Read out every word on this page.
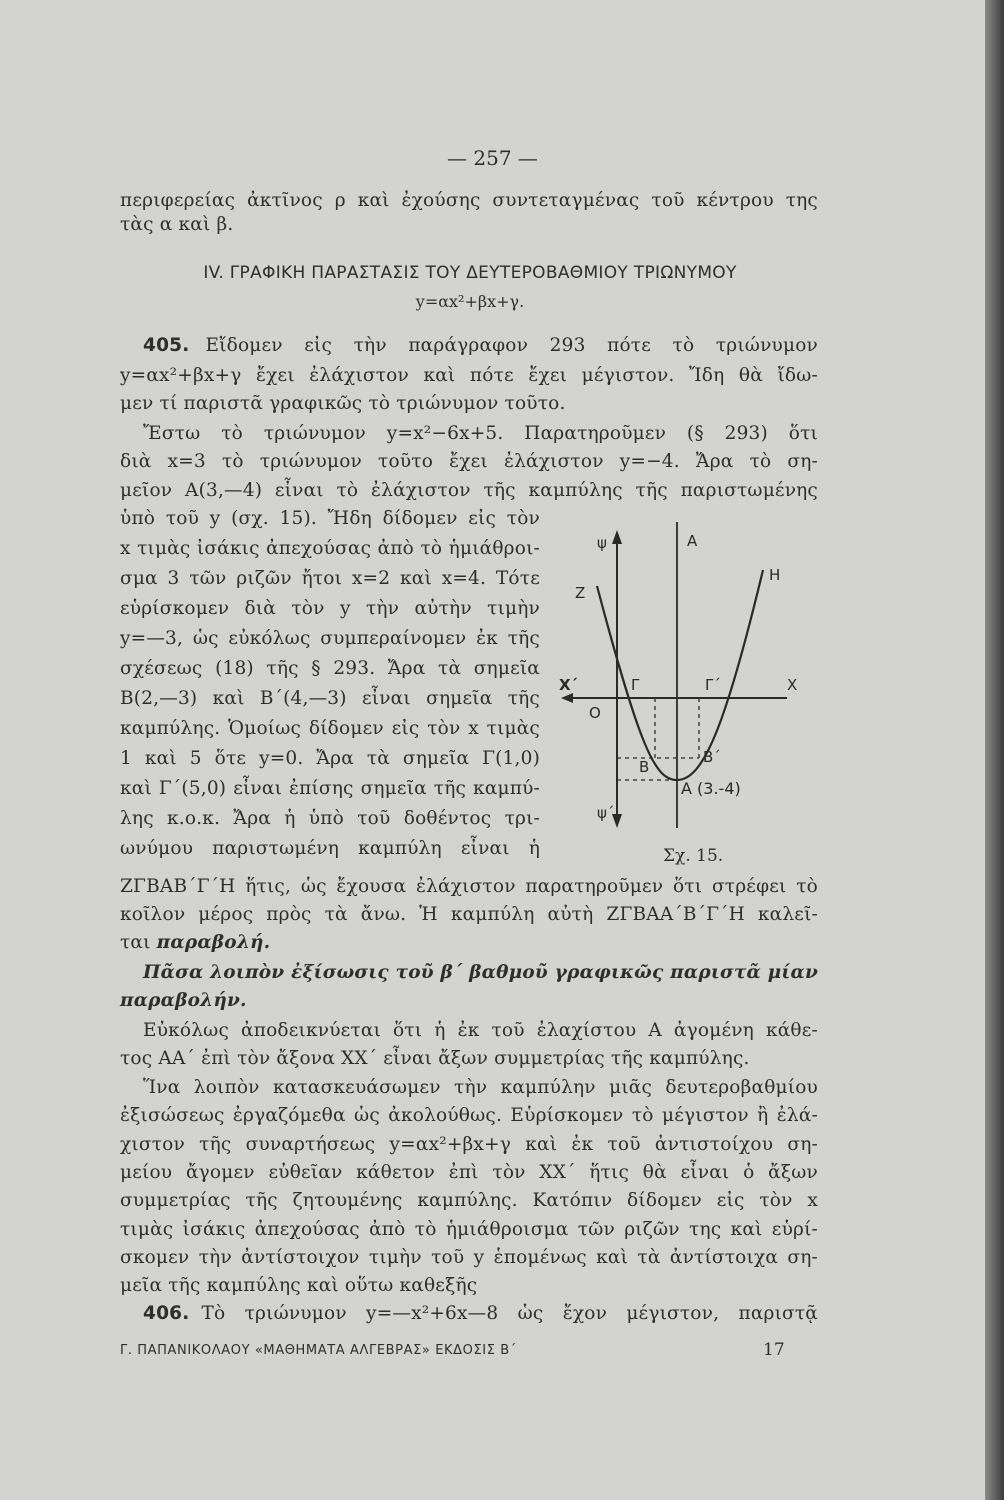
— 257 —
περιφερείας ἀκτῖνος ρ καὶ ἐχούσης συντεταγμένας τοῦ κέντρου της
τὰς α καὶ β.
IV. ΓΡΑΦΙΚΗ ΠΑΡΑΣΤΑΣΙΣ ΤΟΥ ΔΕΥΤΕΡΟΒΑΘΜΙΟΥ ΤΡΙΩΝΥΜΟΥ
y=αx²+βx+γ.
405. Εἴδομεν εἰς τὴν παράγραφον 293 πότε τὸ τριώνυμον
y=αx²+βx+γ ἔχει ἐλάχιστον καὶ πότε ἔχει μέγιστον. Ἴδη θὰ ἴδω-
μεν τί παριστᾶ γραφικῶς τὸ τριώνυμον τοῦτο.
Ἔστω τὸ τριώνυμον y=x²−6x+5. Παρατηροῦμεν (§ 293) ὅτι
διὰ x=3 τὸ τριώνυμον τοῦτο ἔχει ἐλάχιστον y=−4. Ἄρα τὸ ση-
μεῖον Α(3,—4) εἶναι τὸ ἐλάχιστον τῆς καμπύλης τῆς παριστωμένης
ὑπὸ τοῦ y (σχ. 15). Ἤδη δίδομεν εἰς τὸν
x τιμὰς ἰσάκις ἀπεχούσας ἀπὸ τὸ ἡμιάθροι-
σμα 3 τῶν ριζῶν ἤτοι x=2 καὶ x=4. Τότε
εὑρίσκομεν διὰ τὸν y τὴν αὐτὴν τιμὴν
y=—3, ὡς εὐκόλως συμπεραίνομεν ἐκ τῆς
σχέσεως (18) τῆς § 293. Ἄρα τὰ σημεῖα
Β(2,—3) καὶ Β΄(4,—3) εἶναι σημεῖα τῆς
καμπύλης. Ὁμοίως δίδομεν εἰς τὸν x τιμὰς
1 καὶ 5 ὅτε y=0. Ἄρα τὰ σημεῖα Γ(1,0)
καὶ Γ΄(5,0) εἶναι ἐπίσης σημεῖα τῆς καμπύ-
λης κ.ο.κ. Ἄρα ἡ ὑπὸ τοῦ δοθέντος τρι-
ωνύμου παριστωμένη καμπύλη εἶναι ἡ
ψ
ψ΄
Α
Η
Ζ
Χ΄	Χ
Ο
Γ	Γ΄
Β
Β΄
Α (3.-4)
Σχ. 15.
ΖΓΒΑΒ΄Γ΄Η ἥτις, ὡς ἔχουσα ἐλάχιστον παρατηροῦμεν ὅτι στρέφει τὸ
κοῖλον μέρος πρὸς τὰ ἄνω. Ἡ καμπύλη αὐτὴ ΖΓΒΑΑ΄Β΄Γ΄Η καλεῖ-
ται παραβολή.
Πᾶσα λοιπὸν ἐξίσωσις τοῦ β΄ βαθμοῦ γραφικῶς παριστᾶ μίαν
παραβολήν.
Εὐκόλως ἀποδεικνύεται ὅτι ἡ ἐκ τοῦ ἐλαχίστου Α ἀγομένη κάθε-
τος ΑΑ΄ ἐπὶ τὸν ἄξονα ΧΧ΄ εἶναι ἄξων συμμετρίας τῆς καμπύλης.
Ἵνα λοιπὸν κατασκευάσωμεν τὴν καμπύλην μιᾶς δευτεροβαθμίου
ἐξισώσεως ἐργαζόμεθα ὡς ἀκολούθως. Εὑρίσκομεν τὸ μέγιστον ἢ ἐλά-
χιστον τῆς συναρτήσεως y=αx²+βx+γ καὶ ἐκ τοῦ ἀντιστοίχου ση-
μείου ἄγομεν εὐθεῖαν κάθετον ἐπὶ τὸν ΧΧ΄ ἥτις θὰ εἶναι ὁ ἄξων
συμμετρίας τῆς ζητουμένης καμπύλης. Κατόπιν δίδομεν εἰς τὸν x
τιμὰς ἰσάκις ἀπεχούσας ἀπὸ τὸ ἡμιάθροισμα τῶν ριζῶν της καὶ εὑρί-
σκομεν τὴν ἀντίστοιχον τιμὴν τοῦ y ἑπομένως καὶ τὰ ἀντίστοιχα ση-
μεῖα τῆς καμπύλης καὶ οὕτω καθεξῆς
406. Τὸ τριώνυμον y=—x²+6x—8 ὡς ἔχον μέγιστον, παριστᾷ
Γ. ΠΑΠΑΝΙΚΟΛΑΟΥ «ΜΑΘΗΜΑΤΑ ΑΛΓΕΒΡΑΣ» ΕΚΔΟΣΙΣ Β΄	17
